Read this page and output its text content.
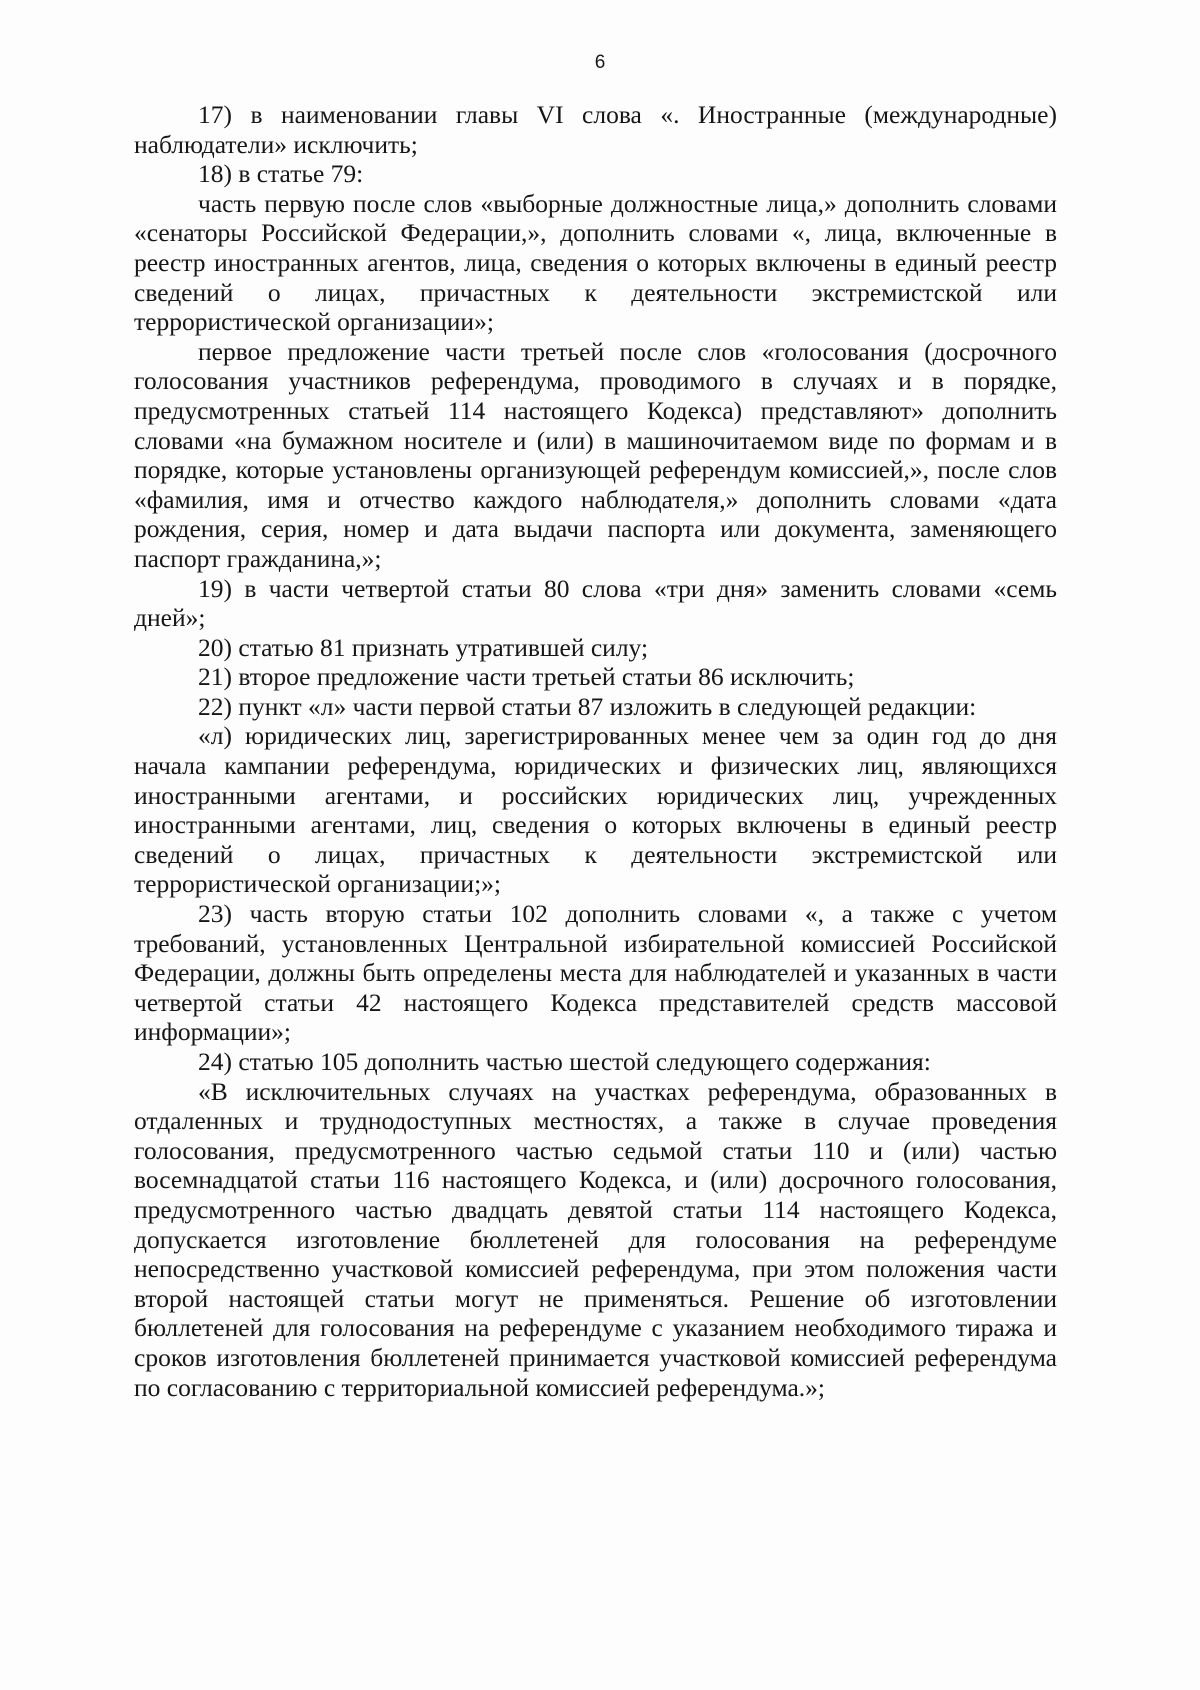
6

17) в наименовании главы VI слова «. Иностранные (международные) наблюдатели» исключить;

18) в статье 79:

часть первую после слов «выборные должностные лица,» дополнить словами «сенаторы Российской Федерации,», дополнить словами «, лица, включенные в реестр иностранных агентов, лица, сведения о которых включены в единый реестр сведений о лицах, причастных к деятельности экстремистской или террористической организации»;

первое предложение части третьей после слов «голосования (досрочного голосования участников референдума, проводимого в случаях и в порядке, предусмотренных статьей 114 настоящего Кодекса) представляют» дополнить словами «на бумажном носителе и (или) в машиночитаемом виде по формам и в порядке, которые установлены организующей референдум комиссией,», после слов «фамилия, имя и отчество каждого наблюдателя,» дополнить словами «дата рождения, серия, номер и дата выдачи паспорта или документа, заменяющего паспорт гражданина,»;

19) в части четвертой статьи 80 слова «три дня» заменить словами «семь дней»;

20) статью 81 признать утратившей силу;

21) второе предложение части третьей статьи 86 исключить;

22) пункт «л» части первой статьи 87 изложить в следующей редакции:

«л) юридических лиц, зарегистрированных менее чем за один год до дня начала кампании референдума, юридических и физических лиц, являющихся иностранными агентами, и российских юридических лиц, учрежденных иностранными агентами, лиц, сведения о которых включены в единый реестр сведений о лицах, причастных к деятельности экстремистской или террористической организации;»;

23) часть вторую статьи 102 дополнить словами «, а также с учетом требований, установленных Центральной избирательной комиссией Российской Федерации, должны быть определены места для наблюдателей и указанных в части четвертой статьи 42 настоящего Кодекса представителей средств массовой информации»;

24) статью 105 дополнить частью шестой следующего содержания:

«В исключительных случаях на участках референдума, образованных в отдаленных и труднодоступных местностях, а также в случае проведения голосования, предусмотренного частью седьмой статьи 110 и (или) частью восемнадцатой статьи 116 настоящего Кодекса, и (или) досрочного голосования, предусмотренного частью двадцать девятой статьи 114 настоящего Кодекса, допускается изготовление бюллетеней для голосования на референдуме непосредственно участковой комиссией референдума, при этом положения части второй настоящей статьи могут не применяться. Решение об изготовлении бюллетеней для голосования на референдуме с указанием необходимого тиража и сроков изготовления бюллетеней принимается участковой комиссией референдума по согласованию с территориальной комиссией референдума.»;
